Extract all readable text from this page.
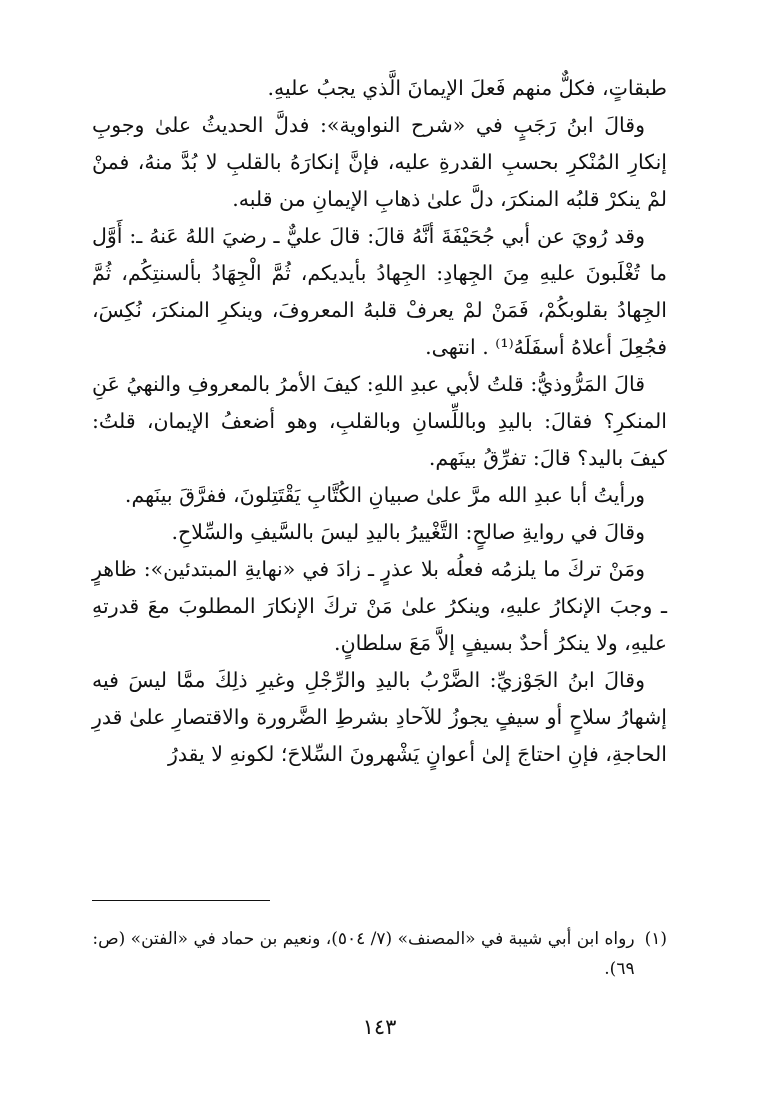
طبقاتٍ، فكلٌّ منهم فَعلَ الإيمانَ الَّذي يجبُ عليهِ.

وقالَ ابنُ رَجَبٍ في «شرح النواوية»: فدلَّ الحديثُ علىٰ وجوبِ إنكارِ المُنْكرِ بحسبِ القدرةِ عليه، فإنَّ إنكارَهُ بالقلبِ لا بُدَّ منهُ، فمنْ لمْ ينكرْ قلبُه المنكرَ، دلَّ علىٰ ذهابِ الإيمانِ من قلبه.

وقد رُويَ عن أبي جُحَيْفَةَ أنَّهُ قالَ: قالَ عليٌّ ـ رضيَ اللهُ عَنهُ ـ: أَوَّل ما تُغْلَبونَ عليهِ مِنَ الجِهادِ: الجِهادُ بأيديكم، ثُمَّ الْجِهَادُ بألسنتِكُم، ثُمَّ الجِهادُ بقلوبكُمْ، فَمَنْ لمْ يعرفْ قلبهُ المعروفَ، وينكرِ المنكرَ، نُكِسَ، فجُعِلَ أعلاهُ أسفَلَهُ⁽¹⁾ . انتهى.

قالَ المَرُّوذيُّ: قلتُ لأبي عبدِ اللهِ: كيفَ الأمرُ بالمعروفِ والنهيُ عَنِ المنكرِ؟ فقالَ: باليدِ وباللِّسانِ وبالقلبِ، وهو أضعفُ الإيمان، قلتُ: كيفَ باليد؟ قالَ: تفرِّقُ بينَهم.

ورأيتُ أبا عبدِ الله مرَّ علىٰ صبيانِ الكُتَّابِ يَقْتَتِلونَ، ففرَّقَ بينَهم.

وقالَ في روايةِ صالحٍ: التَّغْييرُ باليدِ ليسَ بالسَّيفِ والسِّلاحِ.

ومَنْ تركَ ما يلزمُه فعلُه بلا عذرٍ ـ زادَ في «نهايةِ المبتدئين»: ظاهرٍ ـ وجبَ الإنكارُ عليهِ، وينكرُ علىٰ مَنْ تركَ الإنكارَ المطلوبَ معَ قدرتهِ عليهِ، ولا ينكرُ أحدٌ بسيفٍ إلاَّ مَعَ سلطانٍ.

وقالَ ابنُ الجَوْزيِّ: الضَّرْبُ باليدِ والرِّجْلِ وغيرِ ذلِكَ ممَّا ليسَ فيه إشهارُ سلاحٍ أو سيفٍ يجوزُ للآحادِ بشرطِ الضَّرورة والاقتصارِ علىٰ قدرِ الحاجةِ، فإنِ احتاجَ إلىٰ أعوانٍ يَشْهرونَ السِّلاحَ؛ لكونهِ لا يقدرُ

(١)
رواه ابن أبي شيبة في «المصنف» (٧/ ٥٠٤)، ونعيم بن حماد في «الفتن» (ص: ٦٩).
١٤٣
